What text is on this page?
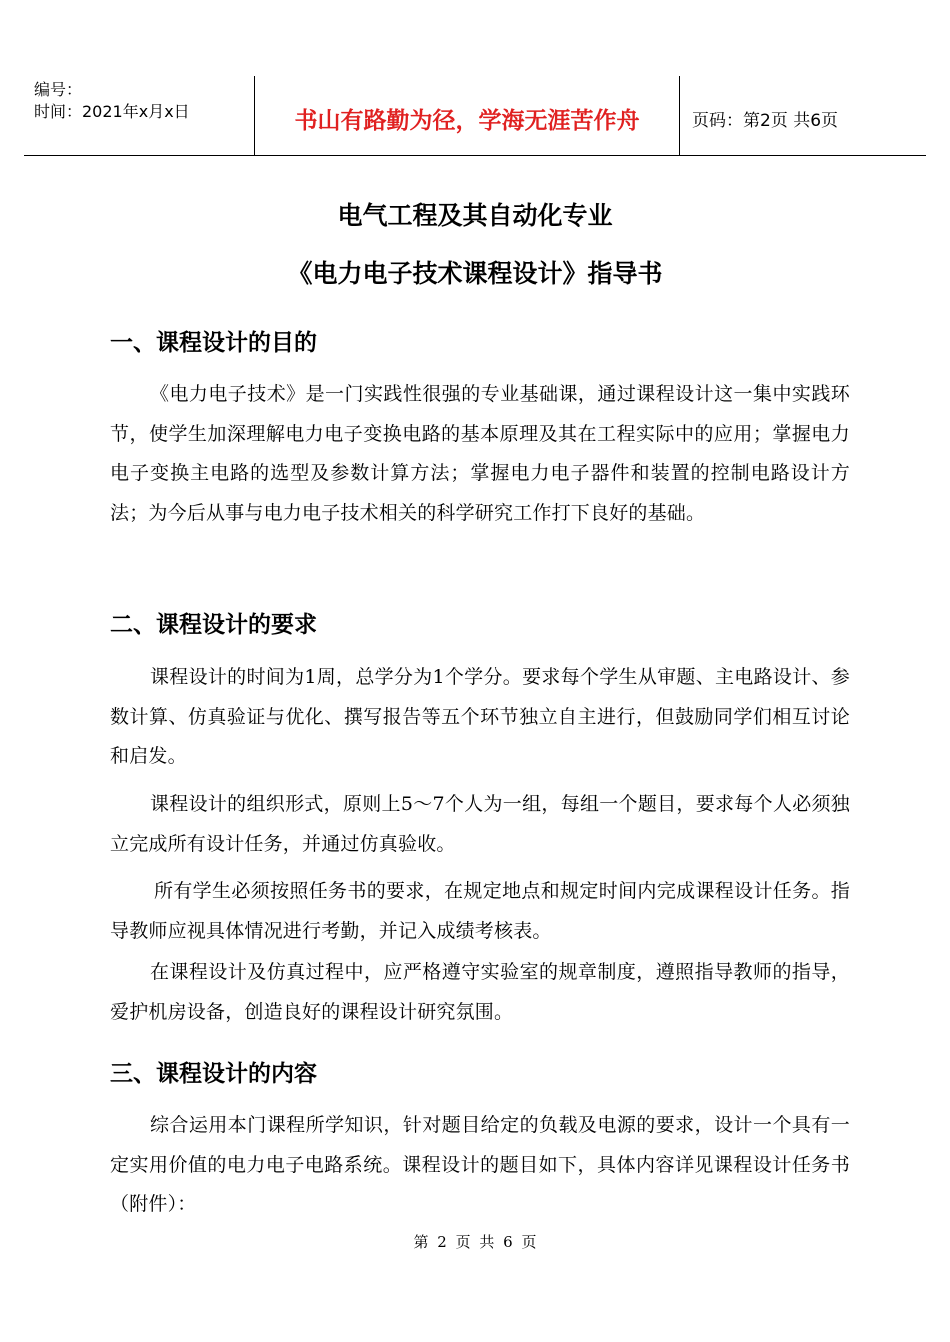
编号：
时间：2021年x月x日	书山有路勤为径，学海无涯苦作舟	页码：第2页 共6页
电气工程及其自动化专业
《电力电子技术课程设计》指导书
一、课程设计的目的

《电力电子技术》是一门实践性很强的专业基础课，通过课程设计这一集中实践环节，使学生加深理解电力电子变换电路的基本原理及其在工程实际中的应用；掌握电力电子变换主电路的选型及参数计算方法；掌握电力电子器件和装置的控制电路设计方法；为今后从事与电力电子技术相关的科学研究工作打下良好的基础。

二、课程设计的要求

课程设计的时间为1周，总学分为1个学分。要求每个学生从审题、主电路设计、参数计算、仿真验证与优化、撰写报告等五个环节独立自主进行，但鼓励同学们相互讨论和启发。

课程设计的组织形式，原则上5～7个人为一组，每组一个题目，要求每个人必须独立完成所有设计任务，并通过仿真验收。

所有学生必须按照任务书的要求，在规定地点和规定时间内完成课程设计任务。指导教师应视具体情况进行考勤，并记入成绩考核表。

在课程设计及仿真过程中，应严格遵守实验室的规章制度，遵照指导教师的指导，爱护机房设备，创造良好的课程设计研究氛围。

三、课程设计的内容

综合运用本门课程所学知识，针对题目给定的负载及电源的要求，设计一个具有一定实用价值的电力电子电路系统。课程设计的题目如下，具体内容详见课程设计任务书（附件）：

第 2 页 共 6 页
